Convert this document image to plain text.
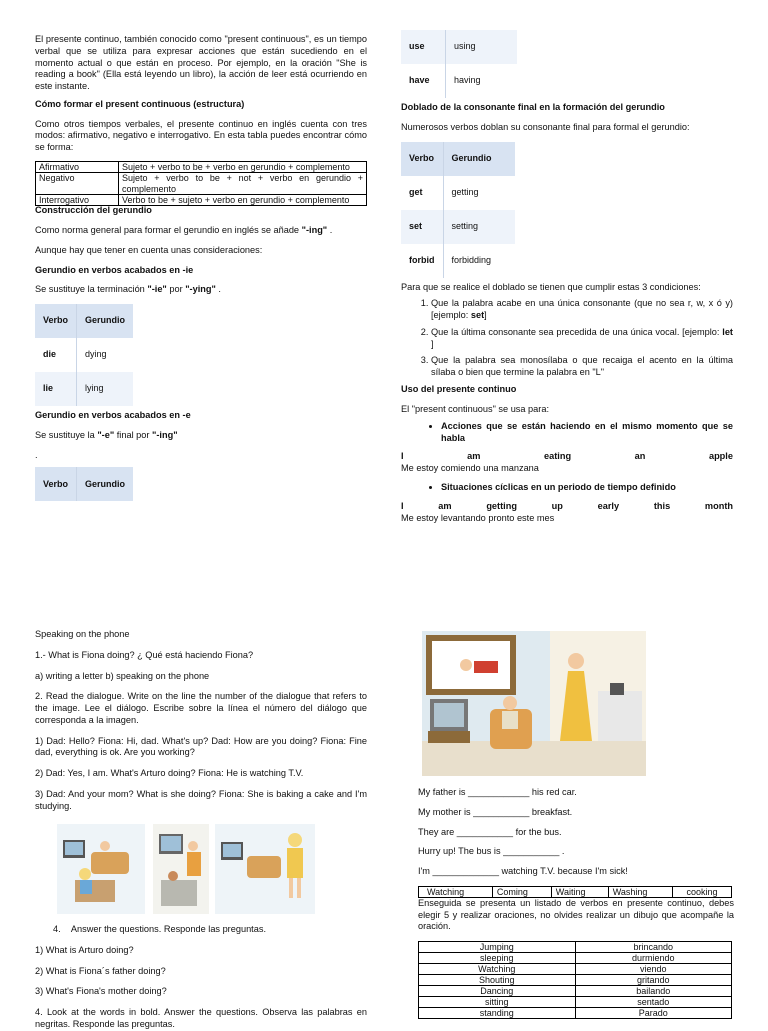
El presente continuo, también conocido como "present continuous", es un tiempo verbal que se utiliza para expresar acciones que están sucediendo en el momento actual o que están en proceso. Por ejemplo, en la oración "She is reading a book" (Ella está leyendo un libro), la acción de leer está ocurriendo en este instante.

Cómo formar el present continuous (estructura)

Como otros tiempos verbales, el presente continuo en inglés cuenta con tres modos: afirmativo, negativo e interrogativo. En esta tabla puedes encontrar cómo se forma:

Afirmativo	Sujeto + verbo to be + verbo en gerundio + complemento
Negativo	Sujeto + verbo to be + not + verbo en gerundio + complemento
Interrogativo	Verbo to be + sujeto + verbo en gerundio + complemento

Construcción del gerundio

Como norma general para formar el gerundio en inglés se añade "-ing" .

Aunque hay que tener en cuenta unas consideraciones:

Gerundio en verbos acabados en -ie

Se sustituye la terminación "-ie" por "-ying" .

Verbo	Gerundio
die	dying
lie	lying

Gerundio en verbos acabados en -e

Se sustituye la "-e" final por "-ing"

.

Verbo	Gerundio
use	using
have	having

Doblado de la consonante final en la formación del gerundio

Numerosos verbos doblan su consonante final para formal el gerundio:

Verbo	Gerundio
get	getting
set	setting
forbid	forbidding

Para que se realice el doblado se tienen que cumplir estas 3 condiciones:

1. Que la palabra acabe en una única consonante (que no sea r, w, x ó y) [ejemplo: set]
2. Que la última consonante sea precedida de una única vocal. [ejemplo: let ]
3. Que la palabra sea monosílaba o que recaiga el acento en la última sílaba o bien que termine la palabra en "L"

Uso del presente continuo

El "present continuous" se usa para:

• Acciones que se están haciendo en el mismo momento que se habla
I	am	eating	an	apple

Me estoy comiendo una manzana

• Situaciones cíclicas en un periodo de tiempo definido
I	am	getting	up	early	this	month

Me estoy levantando pronto este mes

Speaking on the phone

1.- What is Fiona doing? ¿ Qué está haciendo Fiona?

a) writing a letter b) speaking on the phone

2. Read the dialogue. Write on the line the number of the dialogue that refers to the image. Lee el diálogo. Escribe sobre la línea el número del diálogo que corresponda a la imagen.

1) Dad: Hello? Fiona: Hi, dad. What's up? Dad: How are you doing? Fiona: Fine dad, everything is ok. Are you working?

2) Dad: Yes, I am. What's Arturo doing? Fiona: He is watching T.V.

3) Dad: And your mom? What is she doing? Fiona: She is baking a cake and I'm studying.

4. Answer the questions. Responde las preguntas.

1) What is Arturo doing?

2) What is Fiona´s father doing?

3) What's Fiona's mother doing?

4. Look at the words in bold. Answer the questions. Observa las palabras en negritas. Responde las preguntas.

My father is ____________ his red car.

My mother is ___________ breakfast.

They are ___________ for the bus.

Hurry up! The bus is ___________ .

I'm _____________ watching T.V. because I'm sick!

Watching	Coming	Waiting	Washing	cooking

Enseguida se presenta un listado de verbos en presente continuo, debes elegir 5 y realizar oraciones, no olvides realizar un dibujo que acompañe la oración.

Jumping	brincando
sleeping	durmiendo
Watching	viendo
Shouting	gritando
Dancing	bailando
sitting	sentado
standing	Parado
